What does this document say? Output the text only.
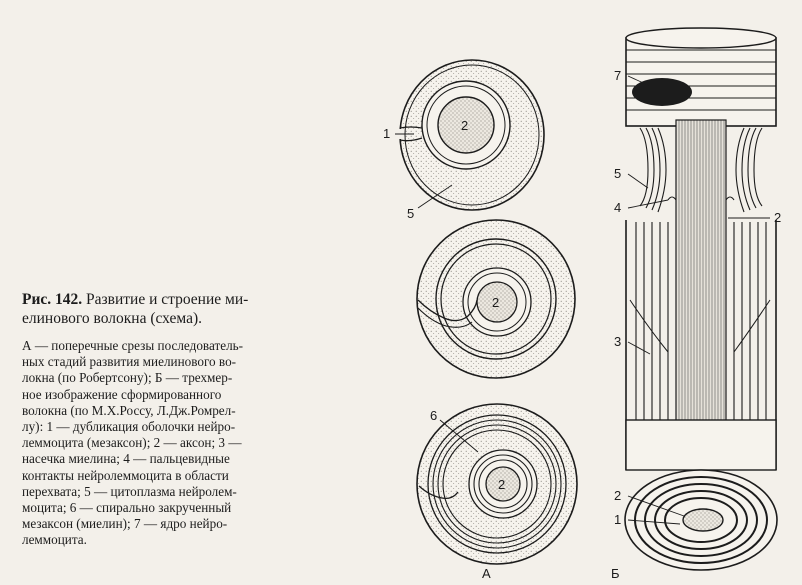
Рис. 142. Развитие и строение ми-
елинового волокна (схема).

А — поперечные срезы последователь-
ных стадий развития миелинового во-
локна (по Робертсону); Б — трехмер-
ное изображение сформированного
волокна (по М.Х.Россу, Л.Дж.Ромрел-
лу): 1 — дубликация оболочки нейро-
леммоцита (мезаксон); 2 — аксон; 3 —
насечка миелина; 4 — пальцевидные
контакты нейролеммоцита в области
перехвата; 5 — цитоплазма нейролем-
моцита; 6 — спирально закрученный
мезаксон (миелин); 7 — ядро нейро-
леммоцита.

1
2
5
2
6
2
А
7
5
4
2
3
2
1
Б
